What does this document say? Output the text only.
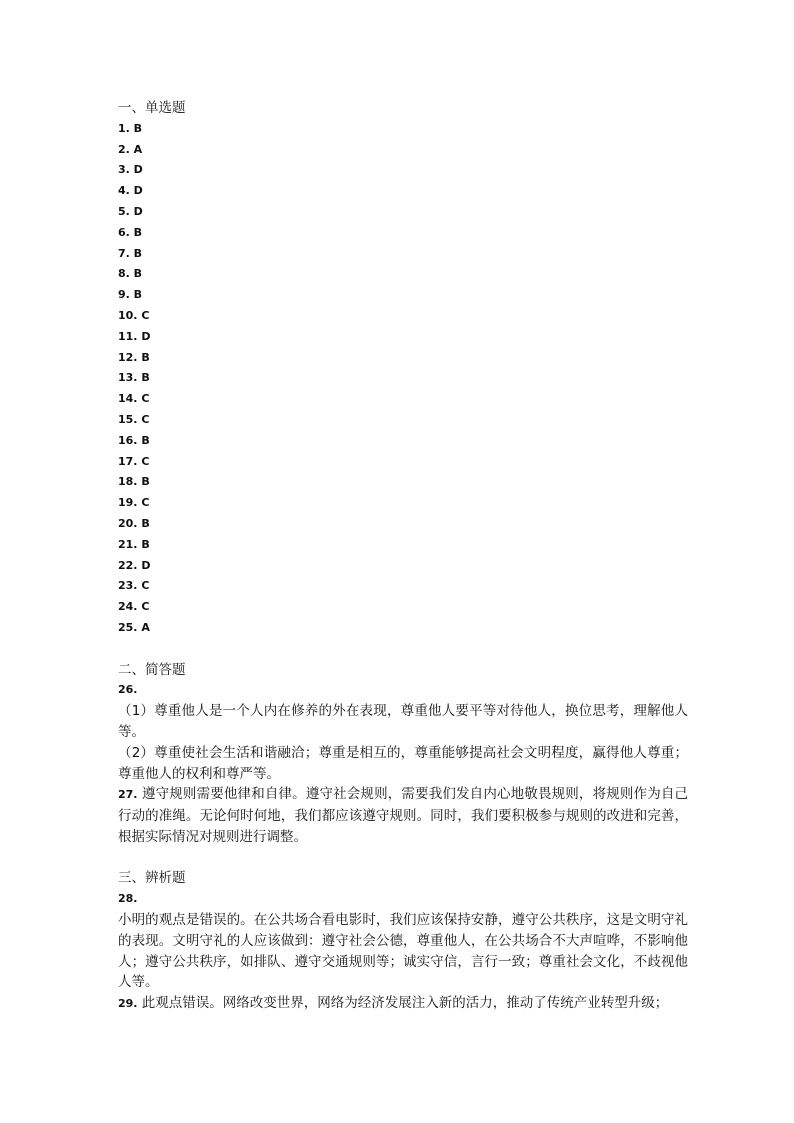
一、单选题
1. B
2. A
3. D
4. D
5. D
6. B
7. B
8. B
9. B
10. C
11. D
12. B
13. B
14. C
15. C
16. B
17. C
18. B
19. C
20. B
21. B
22. D
23. C
24. C
25. A
二、简答题
26.

（1）尊重他人是一个人内在修养的外在表现，尊重他人要平等对待他人，换位思考，理解他人等。

（2）尊重使社会生活和谐融洽；尊重是相互的，尊重能够提高社会文明程度，赢得他人尊重；尊重他人的权利和尊严等。

27. 遵守规则需要他律和自律。遵守社会规则，需要我们发自内心地敬畏规则，将规则作为自己行动的准绳。无论何时何地，我们都应该遵守规则。同时，我们要积极参与规则的改进和完善，根据实际情况对规则进行调整。

三、辨析题
28.

小明的观点是错误的。在公共场合看电影时，我们应该保持安静，遵守公共秩序，这是文明守礼的表现。文明守礼的人应该做到：遵守社会公德，尊重他人，在公共场合不大声喧哗，不影响他人；遵守公共秩序，如排队、遵守交通规则等；诚实守信，言行一致；尊重社会文化，不歧视他人等。

29. 此观点错误。网络改变世界，网络为经济发展注入新的活力，推动了传统产业转型升级；
